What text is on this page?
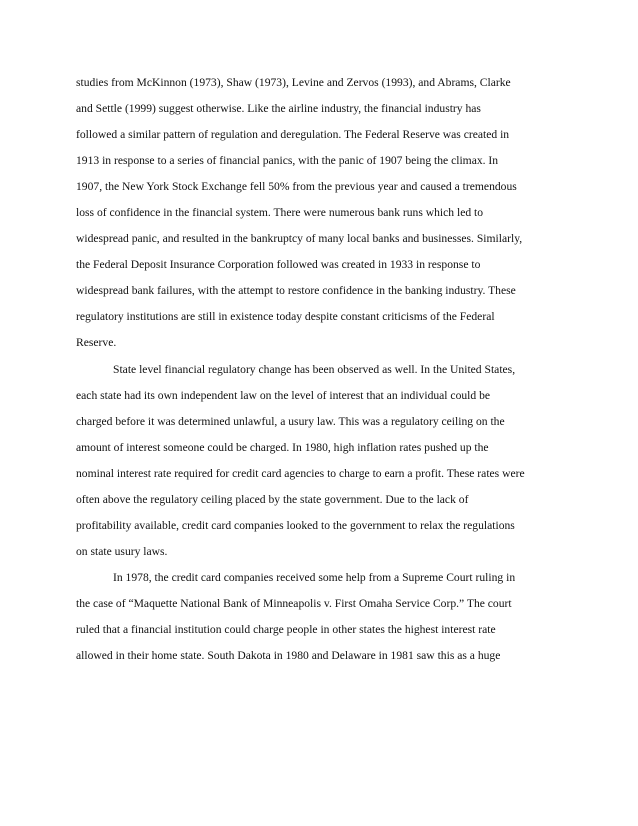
studies from McKinnon (1973), Shaw (1973), Levine and Zervos (1993), and Abrams, Clarke
and Settle (1999) suggest otherwise. Like the airline industry, the financial industry has
followed a similar pattern of regulation and deregulation. The Federal Reserve was created in
1913 in response to a series of financial panics, with the panic of 1907 being the climax. In
1907, the New York Stock Exchange fell 50% from the previous year and caused a tremendous
loss of confidence in the financial system. There were numerous bank runs which led to
widespread panic, and resulted in the bankruptcy of many local banks and businesses. Similarly,
the Federal Deposit Insurance Corporation followed was created in 1933 in response to
widespread bank failures, with the attempt to restore confidence in the banking industry. These
regulatory institutions are still in existence today despite constant criticisms of the Federal
Reserve.
State level financial regulatory change has been observed as well. In the United States,
each state had its own independent law on the level of interest that an individual could be
charged before it was determined unlawful, a usury law. This was a regulatory ceiling on the
amount of interest someone could be charged. In 1980, high inflation rates pushed up the
nominal interest rate required for credit card agencies to charge to earn a profit. These rates were
often above the regulatory ceiling placed by the state government. Due to the lack of
profitability available, credit card companies looked to the government to relax the regulations
on state usury laws.
In 1978, the credit card companies received some help from a Supreme Court ruling in
the case of “Maquette National Bank of Minneapolis v. First Omaha Service Corp.” The court
ruled that a financial institution could charge people in other states the highest interest rate
allowed in their home state. South Dakota in 1980 and Delaware in 1981 saw this as a huge
